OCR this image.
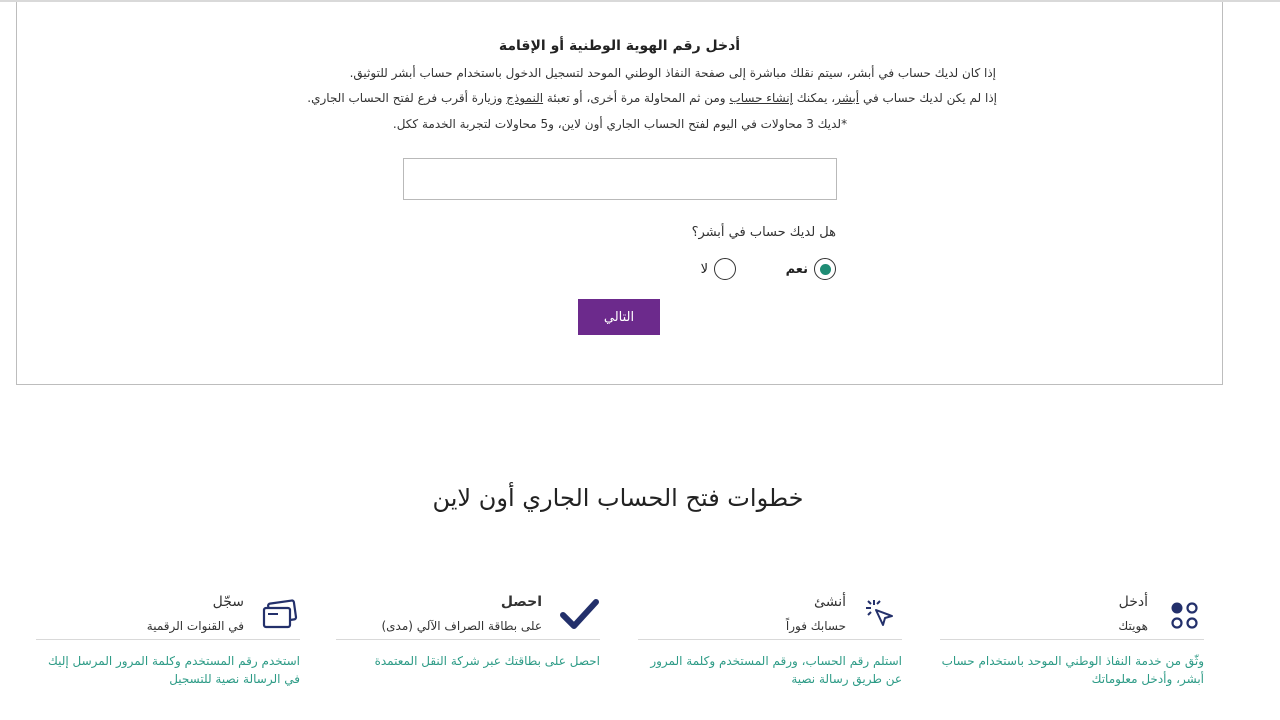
أدخل رقم الهوية الوطنية أو الإقامة
إذا كان لديك حساب في أبشر، سيتم نقلك مباشرة إلى صفحة النفاذ الوطني الموحد لتسجيل الدخول باستخدام حساب أبشر للتوثيق.
إذا لم يكن لديك حساب في أبشر، يمكنك إنشاء حساب ومن ثم المحاولة مرة أخرى، أو تعبئة النموذج وزيارة أقرب فرع لفتح الحساب الجاري.
*لديك 3 محاولات في اليوم لفتح الحساب الجاري أون لاين، و5 محاولات لتجربة الخدمة ككل.
هل لديك حساب في أبشر؟
نعم
لا
التالي
خطوات فتح الحساب الجاري أون لاين
أدخل
هويتك
وثّق من خدمة النفاذ الوطني الموحد باستخدام حساب أبشر، وأدخل معلوماتك
أنشئ
حسابك فوراً
استلم رقم الحساب، ورقم المستخدم وكلمة المرور عن طريق رسالة نصية
احصل
على بطاقة الصراف الآلي (مدى)
احصل على بطاقتك عبر شركة النقل المعتمدة
سجّل
في القنوات الرقمية
استخدم رقم المستخدم وكلمة المرور المرسل إليك في الرسالة نصية للتسجيل
